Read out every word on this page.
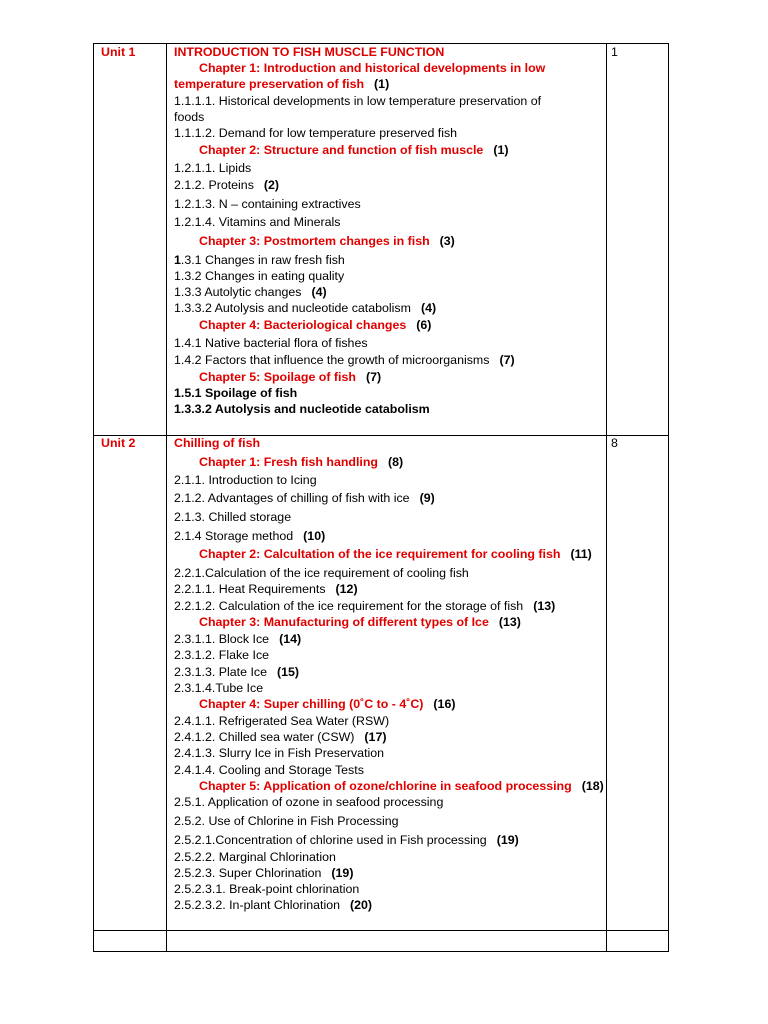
Unit 1	1
INTRODUCTION TO FISH MUSCLE FUNCTION
Chapter 1: Introduction and historical developments in low
temperature preservation of fish (1)
1.1.1.1. Historical developments in low temperature preservation of
foods
1.1.1.2. Demand for low temperature preserved fish
Chapter 2: Structure and function of fish muscle (1)
1.2.1.1. Lipids
2.1.2. Proteins (2)
1.2.1.3. N – containing extractives
1.2.1.4. Vitamins and Minerals
Chapter 3: Postmortem changes in fish (3)
1.3.1 Changes in raw fresh fish
1.3.2 Changes in eating quality
1.3.3 Autolytic changes (4)
1.3.3.2 Autolysis and nucleotide catabolism (4)
Chapter 4: Bacteriological changes (6)
1.4.1 Native bacterial flora of fishes
1.4.2 Factors that influence the growth of microorganisms (7)
Chapter 5: Spoilage of fish (7)
1.5.1 Spoilage of fish
1.3.3.2 Autolysis and nucleotide catabolism
Unit 2	8
Chilling of fish
Chapter 1: Fresh fish handling (8)
2.1.1. Introduction to Icing
2.1.2. Advantages of chilling of fish with ice (9)
2.1.3. Chilled storage
2.1.4 Storage method (10)
Chapter 2: Calcultation of the ice requirement for cooling fish (11)
2.2.1.Calculation of the ice requirement of cooling fish
2.2.1.1. Heat Requirements (12)
2.2.1.2. Calculation of the ice requirement for the storage of fish (13)
Chapter 3: Manufacturing of different types of Ice (13)
2.3.1.1. Block Ice (14)
2.3.1.2. Flake Ice
2.3.1.3. Plate Ice (15)
2.3.1.4.Tube Ice
Chapter 4: Super chilling (0˚C to - 4˚C) (16)
2.4.1.1. Refrigerated Sea Water (RSW)
2.4.1.2. Chilled sea water (CSW) (17)
2.4.1.3. Slurry Ice in Fish Preservation
2.4.1.4. Cooling and Storage Tests
Chapter 5: Application of ozone/chlorine in seafood processing (18)
2.5.1. Application of ozone in seafood processing
2.5.2. Use of Chlorine in Fish Processing
2.5.2.1.Concentration of chlorine used in Fish processing (19)
2.5.2.2. Marginal Chlorination
2.5.2.3. Super Chlorination (19)
2.5.2.3.1. Break-point chlorination
2.5.2.3.2. In-plant Chlorination (20)
